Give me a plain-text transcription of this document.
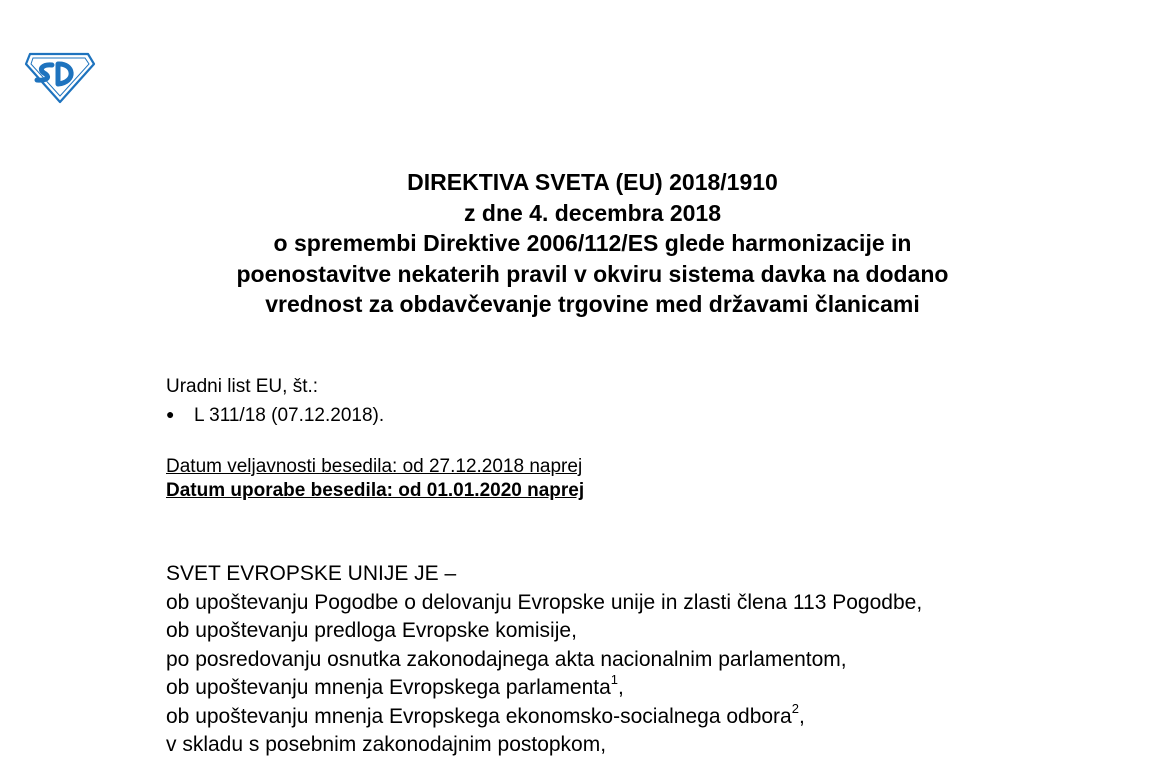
DIREKTIVA SVETA (EU) 2018/1910
z dne 4. decembra 2018
o spremembi Direktive 2006/112/ES glede harmonizacije in
poenostavitve nekaterih pravil v okviru sistema davka na dodano
vrednost za obdavčevanje trgovine med državami članicami
Uradni list EU, št.:
● L 311/18 (07.12.2018).
Datum veljavnosti besedila: od 27.12.2018 naprej
Datum uporabe besedila: od 01.01.2020 naprej
SVET EVROPSKE UNIJE JE –
ob upoštevanju Pogodbe o delovanju Evropske unije in zlasti člena 113 Pogodbe,
ob upoštevanju predloga Evropske komisije,
po posredovanju osnutka zakonodajnega akta nacionalnim parlamentom,
ob upoštevanju mnenja Evropskega parlamenta$^1$,
ob upoštevanju mnenja Evropskega ekonomsko-socialnega odbora$^2$,
v skladu s posebnim zakonodajnim postopkom,
